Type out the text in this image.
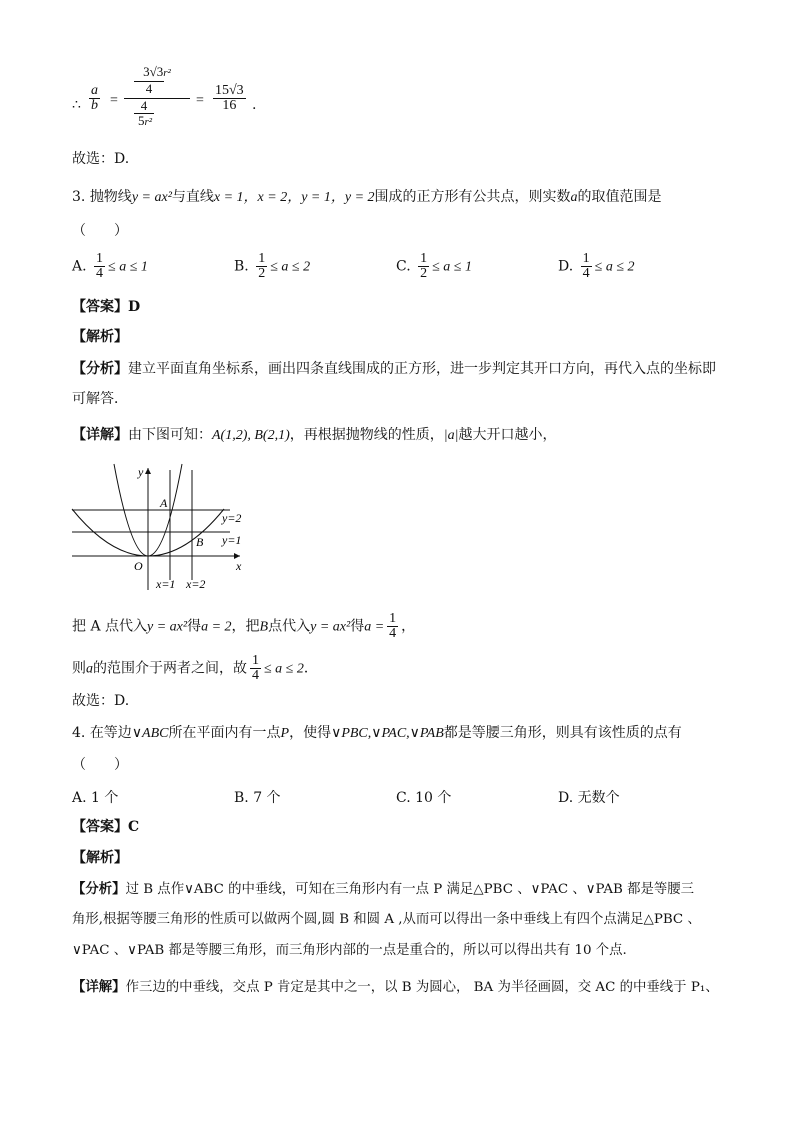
∴ $\frac{a}{b}$ =
3√3r²
4
4
5r²
= $\frac{15√3}{16}$ .
故选：D.
3. 抛物线y = ax²与直线x = 1，x = 2，y = 1，y = 2围成的正方形有公共点，则实数a的取值范围是
（　　）
A. $\frac{1}{4} \le a \le 1$	B. $\frac{1}{2} \le a \le 2$	C. $\frac{1}{2} \le a \le 1$	D. $\frac{1}{4} \le a \le 2$
【答案】D
【解析】
【分析】建立平面直角坐标系，画出四条直线围成的正方形，进一步判定其开口方向，再代入点的坐标即
可解答．
【详解】由下图可知：A(1,2), B(2,1)，再根据抛物线的性质，|a|越大开口越小，
y
x
O
A
B
y=2
y=1
x=1 x=2
把 A 点代入y = ax²得a = 2，把B点代入y = ax²得$a = \frac{1}{4}$ ，
则a的范围介于两者之间，故 $\frac{1}{4} \le a \le 2$．
故选：D.
4. 在等边∨ABC所在平面内有一点P，使得∨PBC,∨PAC,∨PAB都是等腰三角形，则具有该性质的点有
（　　）
A. 1 个	B. 7 个	C. 10 个	D. 无数个
【答案】C
【解析】
【分析】过 B 点作∨ABC 的中垂线，可知在三角形内有一点 P 满足△PBC 、∨PAC 、∨PAB 都是等腰三
角形,根据等腰三角形的性质可以做两个圆,圆 B 和圆 A ,从而可以得出一条中垂线上有四个点满足△PBC 、
∨PAC 、∨PAB 都是等腰三角形，而三角形内部的一点是重合的，所以可以得出共有 10 个点.
【详解】作三边的中垂线，交点 P 肯定是其中之一，以 B 为圆心， BA 为半径画圆，交 AC 的中垂线于 P₁、
